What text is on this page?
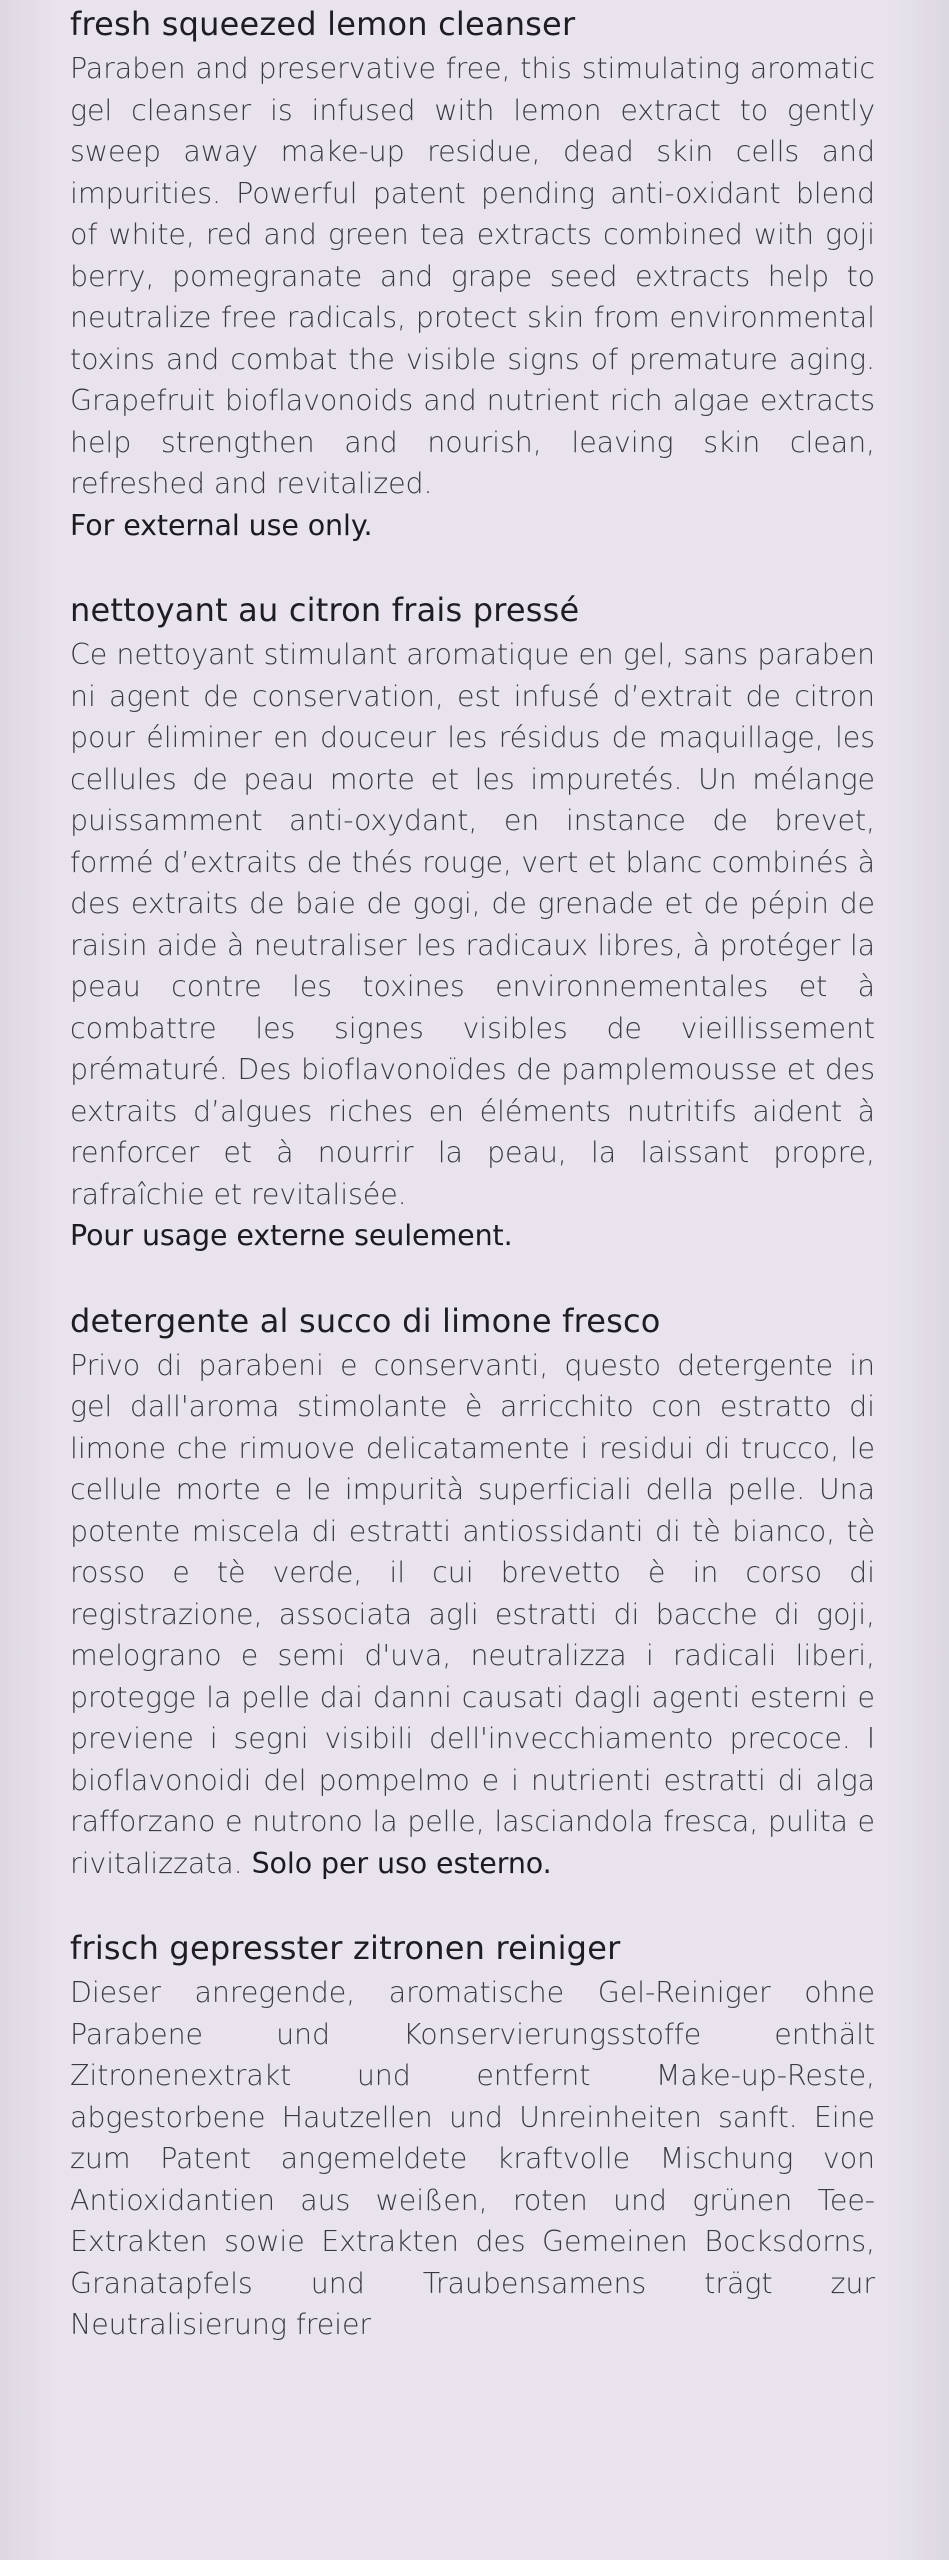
fresh squeezed lemon cleanser

Paraben and preservative free, this stimulating aromatic gel cleanser is infused with lemon extract to gently sweep away make-up residue, dead skin cells and impurities. Powerful patent pending anti-oxidant blend of white, red and green tea extracts combined with goji berry, pomegranate and grape seed extracts help to neutralize free radicals, protect skin from environmental toxins and combat the visible signs of premature aging. Grapefruit bioflavonoids and nutrient rich algae extracts help strengthen and nourish, leaving skin clean, refreshed and revitalized.
For external use only.

nettoyant au citron frais pressé

Ce nettoyant stimulant aromatique en gel, sans paraben ni agent de conservation, est infusé d’extrait de citron pour éliminer en douceur les résidus de maquillage, les cellules de peau morte et les impuretés. Un mélange puissamment anti-oxydant, en instance de brevet, formé d’extraits de thés rouge, vert et blanc combinés à des extraits de baie de gogi, de grenade et de pépin de raisin aide à neutraliser les radicaux libres, à protéger la peau contre les toxines environnementales et à combattre les signes visibles de vieillissement prématuré. Des bioflavonoïdes de pamplemousse et des extraits d’algues riches en éléments nutritifs aident à renforcer et à nourrir la peau, la laissant propre, rafraîchie et revitalisée.
Pour usage externe seulement.

detergente al succo di limone fresco

Privo di parabeni e conservanti, questo detergente in gel dall'aroma stimolante è arricchito con estratto di limone che rimuove delicatamente i residui di trucco, le cellule morte e le impurità superficiali della pelle. Una potente miscela di estratti antiossidanti di tè bianco, tè rosso e tè verde, il cui brevetto è in corso di registrazione, associata agli estratti di bacche di goji, melograno e semi d'uva, neutralizza i radicali liberi, protegge la pelle dai danni causati dagli agenti esterni e previene i segni visibili dell'invecchiamento precoce. I bioflavonoidi del pompelmo e i nutrienti estratti di alga rafforzano e nutrono la pelle, lasciandola fresca, pulita e rivitalizzata. Solo per uso esterno.

frisch gepresster zitronen reiniger

Dieser anregende, aromatische Gel-Reiniger ohne Parabene und Konservierungsstoffe enthält Zitronenextrakt und entfernt Make-up-Reste, abgestorbene Hautzellen und Unreinheiten sanft. Eine zum Patent angemeldete kraftvolle Mischung von Antioxidantien aus weißen, roten und grünen Tee-Extrakten sowie Extrakten des Gemeinen Bocksdorns, Granatapfels und Traubensamens trägt zur Neutralisierung freier
